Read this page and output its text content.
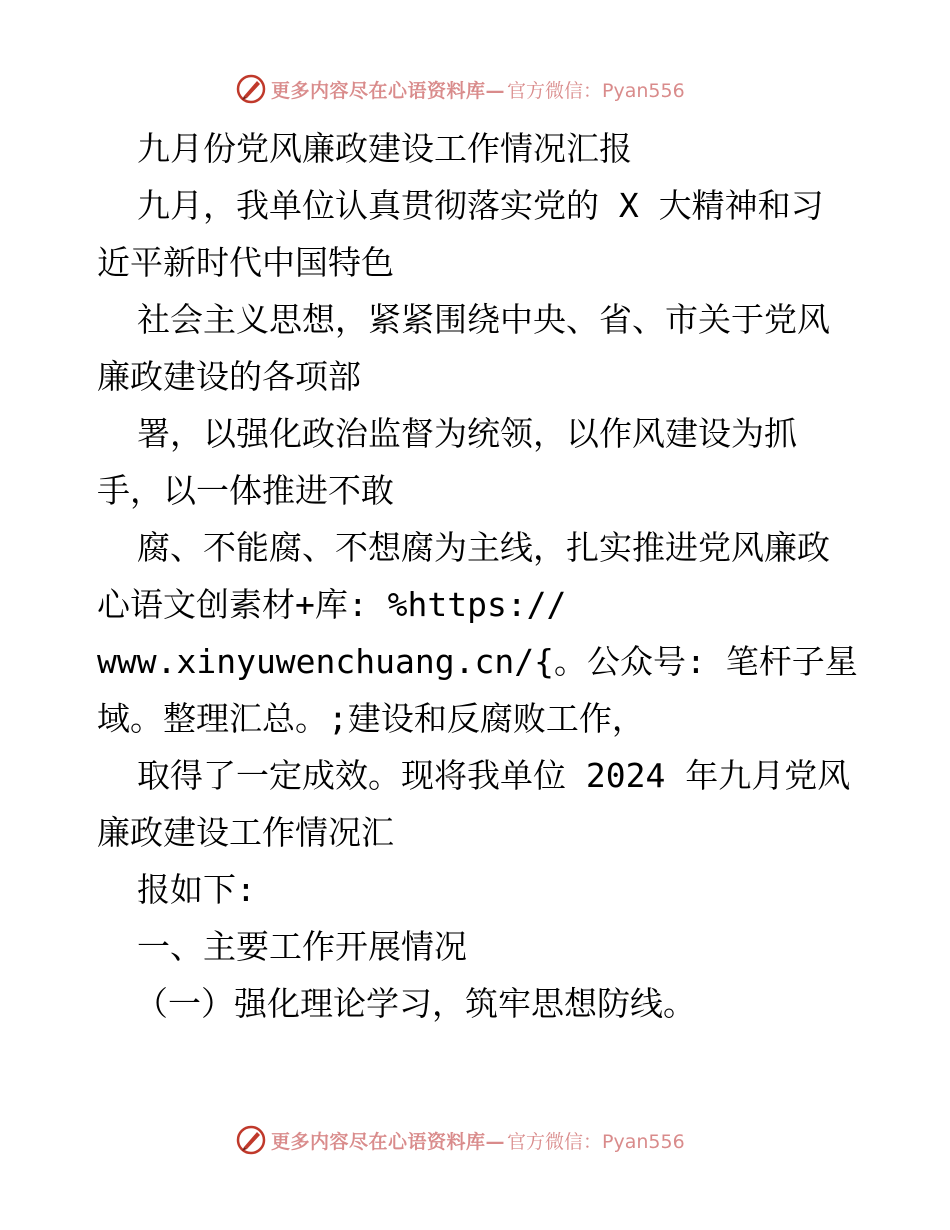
更多内容尽在心语资料库— 官方微信：Pyan556
九月份党风廉政建设工作情况汇报
九月，我单位认真贯彻落实党的 X 大精神和习
近平新时代中国特色
社会主义思想，紧紧围绕中央、省、市关于党风
廉政建设的各项部
署，以强化政治监督为统领，以作风建设为抓
手，以一体推进不敢
腐、不能腐、不想腐为主线，扎实推进党风廉政
心语文创素材+库: %https://
www.xinyuwenchuang.cn/{。公众号: 笔杆子星
域。整理汇总。;建设和反腐败工作，
取得了一定成效。现将我单位 2024 年九月党风
廉政建设工作情况汇
报如下:
一、主要工作开展情况
（一）强化理论学习，筑牢思想防线。
更多内容尽在心语资料库— 官方微信：Pyan556
